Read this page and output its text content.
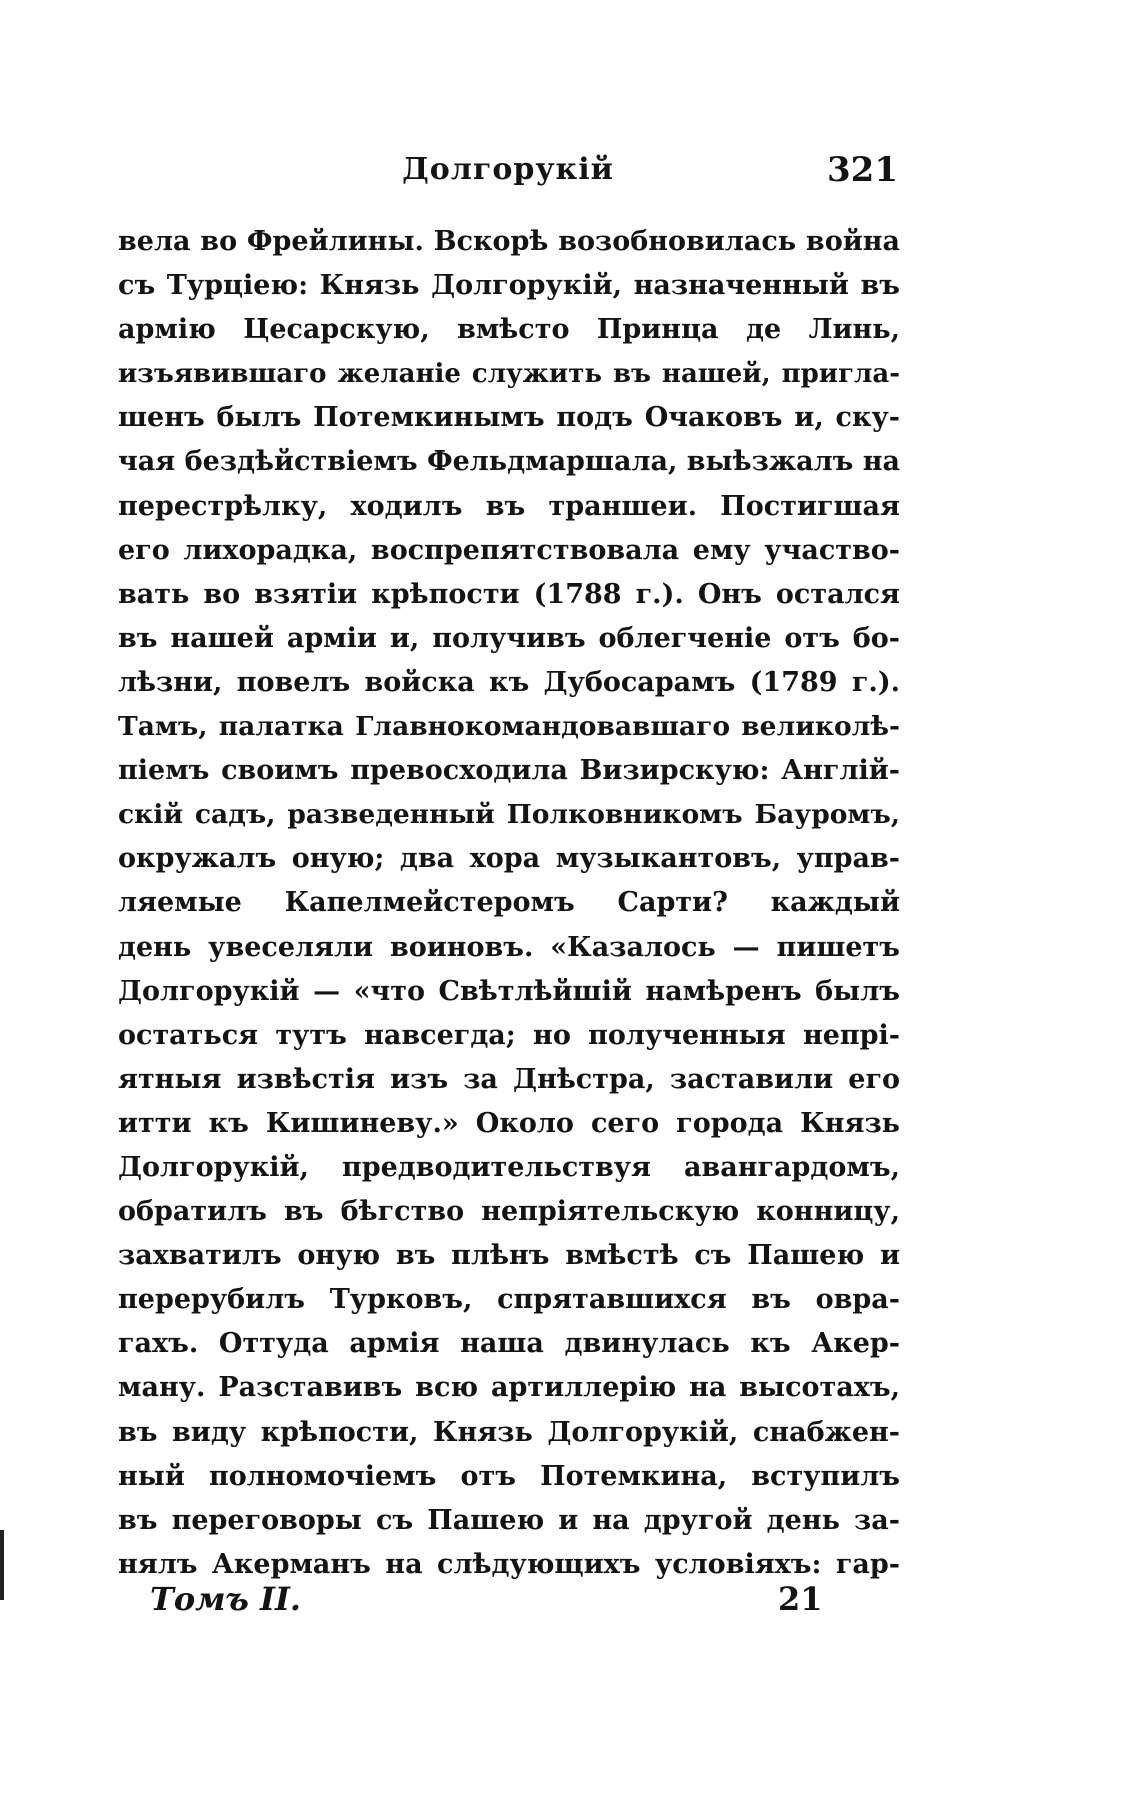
Долгорукій	321
вела во Фрейлины. Вскорѣ возобновилась война
съ Турціею: Князь Долгорукій, назначенный въ
армію Цесарскую, вмѣсто Принца де Линь,
изъявившаго желаніе служить въ нашей, пригла-
шенъ былъ Потемкинымъ подъ Очаковъ и, ску-
чая бездѣйствіемъ Фельдмаршала, выѣзжалъ на
перестрѣлку, ходилъ въ траншеи. Постигшая
его лихорадка, воспрепятствовала ему участво-
вать во взятіи крѣпости (1788 г.). Онъ остался
въ нашей арміи и, получивъ облегченіе отъ бо-
лѣзни, повелъ войска къ Дубосарамъ (1789 г.).
Тамъ, палатка Главнокомандовавшаго великолѣ-
піемъ своимъ превосходила Визирскую: Англій-
скій садъ, разведенный Полковникомъ Бауромъ,
окружалъ оную; два хора музыкантовъ, управ-
ляемые Капелмейстеромъ Сарти? каждый
день увеселяли воиновъ. «Казалось — пишетъ
Долгорукій — «что Свѣтлѣйшій намѣренъ былъ
остаться тутъ навсегда; но полученныя непрі-
ятныя извѣстія изъ за Днѣстра, заставили его
итти къ Кишиневу.» Около сего города Князь
Долгорукій, предводительствуя авангардомъ,
обратилъ въ бѣгство непріятельскую конницу,
захватилъ оную въ плѣнъ вмѣстѣ съ Пашею и
перерубилъ Турковъ, спрятавшихся въ овра-
гахъ. Оттуда армія наша двинулась къ Акер-
ману. Разставивъ всю артиллерію на высотахъ,
въ виду крѣпости, Князь Долгорукій, снабжен-
ный полномочіемъ отъ Потемкина, вступилъ
въ переговоры съ Пашею и на другой день за-
нялъ Акерманъ на слѣдующихъ условіяхъ: гар-
Томъ II.	21
